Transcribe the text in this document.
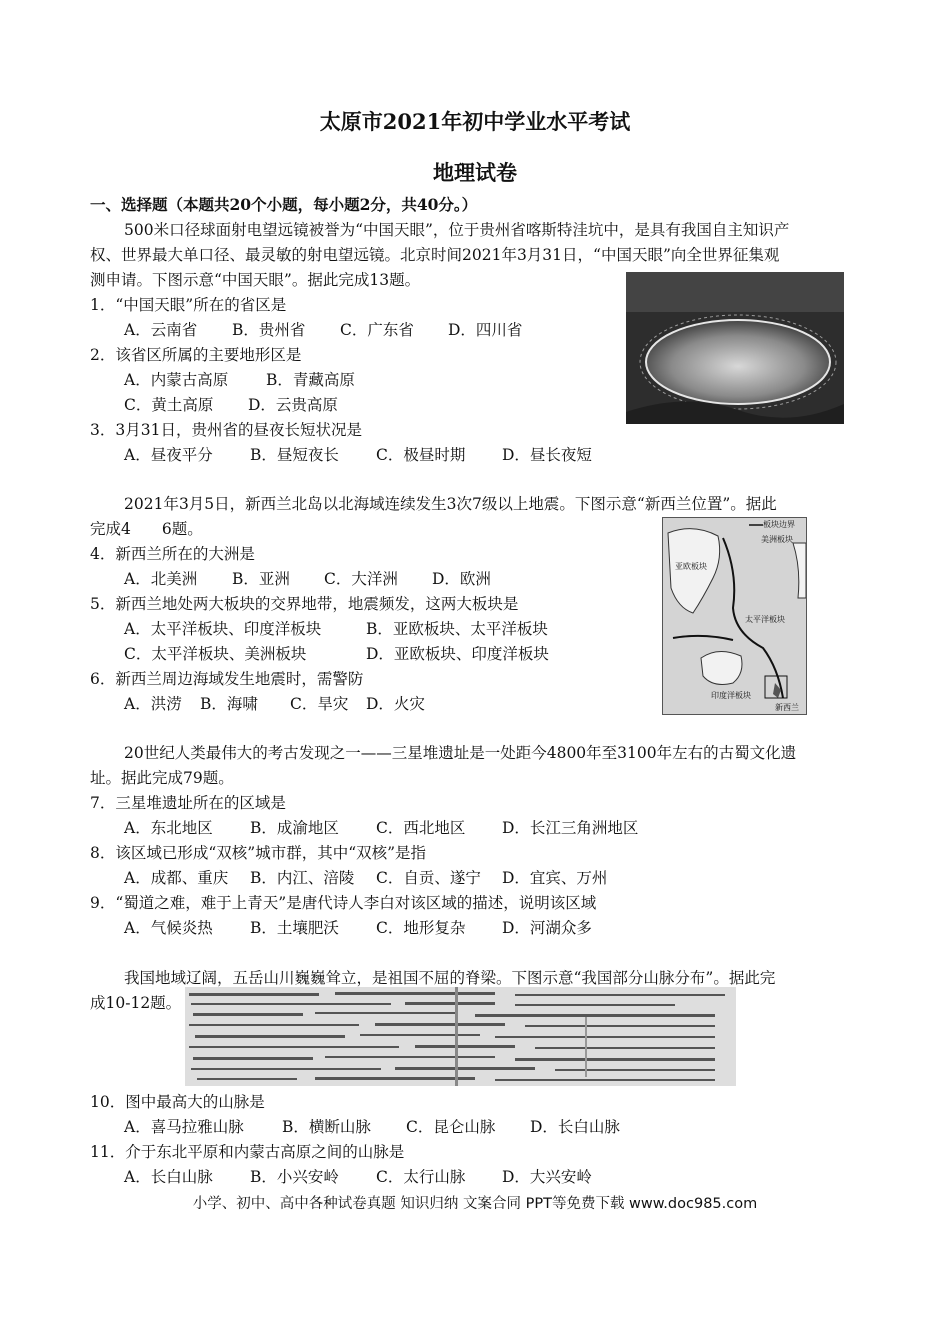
太原市2021年初中学业水平考试
地理试卷
一、选择题（本题共20个小题，每小题2分，共40分。）
500米口径球面射电望远镜被誉为“中国天眼”，位于贵州省喀斯特洼坑中，是具有我国自主知识产
权、世界最大单口径、最灵敏的射电望远镜。北京时间2021年3月31日，“中国天眼”向全世界征集观
测申请。下图示意“中国天眼”。据此完成13题。
1．“中国天眼”所在的省区是
A．云南省 B．贵州省 C．广东省 D．四川省
2．该省区所属的主要地形区是
A．内蒙古高原 B．青藏高原
C．黄土高原 D．云贵高原
3．3月31日，贵州省的昼夜长短状况是
A．昼夜平分 B．昼短夜长 C．极昼时期 D．昼长夜短
2021年3月5日，新西兰北岛以北海域连续发生3次7级以上地震。下图示意“新西兰位置”。据此
完成4　　6题。	板块边界
美洲板块
亚欧板块
太平洋板块
印度洋板块
新西兰
4．新西兰所在的大洲是
A．北美洲 B．亚洲 C．大洋洲 D．欧洲
5．新西兰地处两大板块的交界地带，地震频发，这两大板块是
A．太平洋板块、印度洋板块	B．亚欧板块、太平洋板块
C．太平洋板块、美洲板块	D．亚欧板块、印度洋板块
6．新西兰周边海域发生地震时，需警防
A．洪涝 B．海啸 C．旱灾 D．火灾
20世纪人类最伟大的考古发现之一——三星堆遗址是一处距今4800年至3100年左右的古蜀文化遗
址。据此完成79题。
7．三星堆遗址所在的区域是
A．东北地区 B．成渝地区 C．西北地区 D．长江三角洲地区
8．该区域已形成“双核”城市群，其中“双核”是指
A．成都、重庆 B．内江、涪陵 C．自贡、遂宁 D．宜宾、万州
9．“蜀道之难，难于上青天”是唐代诗人李白对该区域的描述，说明该区域
A．气候炎热 B．土壤肥沃 C．地形复杂 D．河湖众多
我国地域辽阔，五岳山川巍巍耸立，是祖国不屈的脊梁。下图示意“我国部分山脉分布”。据此完
成10-12题。
10．图中最高大的山脉是
A．喜马拉雅山脉 B．横断山脉 C．昆仑山脉 D．长白山脉
11．介于东北平原和内蒙古高原之间的山脉是
A．长白山脉 B．小兴安岭 C．太行山脉 D．大兴安岭
小学、初中、高中各种试卷真题 知识归纳 文案合同 PPT等免费下载 www.doc985.com
